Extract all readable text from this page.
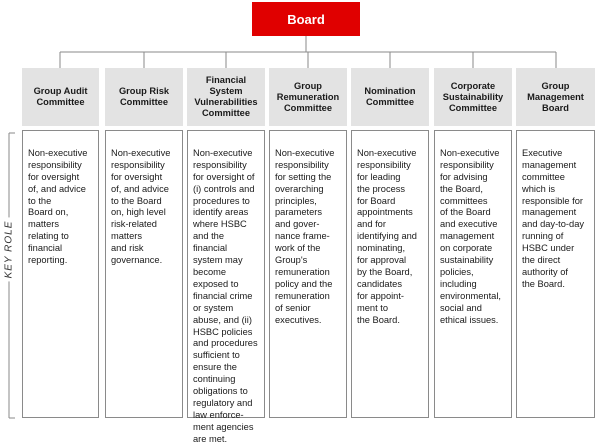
Board
KEY ROLE
Group Audit
Committee
Group Risk
Committee
Financial
System
Vulnerabilities
Committee
Group
Remuneration
Committee
Nomination
Committee
Corporate
Sustainability
Committee
Group
Management
Board

Non-executive
responsibility
for oversight
of, and advice
to the
Board on,
matters
relating to
financial
reporting.

Non-executive
responsibility
for oversight
of, and advice
to the Board
on, high level
risk-related
matters
and risk
governance.

Non-executive
responsibility
for oversight of
(i) controls and
procedures to
identify areas
where HSBC
and the
financial
system may
become
exposed to
financial crime
or system
abuse, and (ii)
HSBC policies
and procedures
sufficient to
ensure the
continuing
obligations to
regulatory and
law enforce-
ment agencies
are met.

Non-executive
responsibility
for setting the
overarching
principles,
parameters
and gover-
nance frame-
work of the
Group's
remuneration
policy and the
remuneration
of senior
executives.

Non-executive
responsibility
for leading
the process
for Board
appointments
and for
identifying and
nominating,
for approval
by the Board,
candidates
for appoint-
ment to
the Board.

Non-executive
responsibility
for advising
the Board,
committees
of the Board
and executive
management
on corporate
sustainability
policies,
including
environmental,
social and
ethical issues.

Executive
management
committee
which is
responsible for
management
and day-to-day
running of
HSBC under
the direct
authority of
the Board.
